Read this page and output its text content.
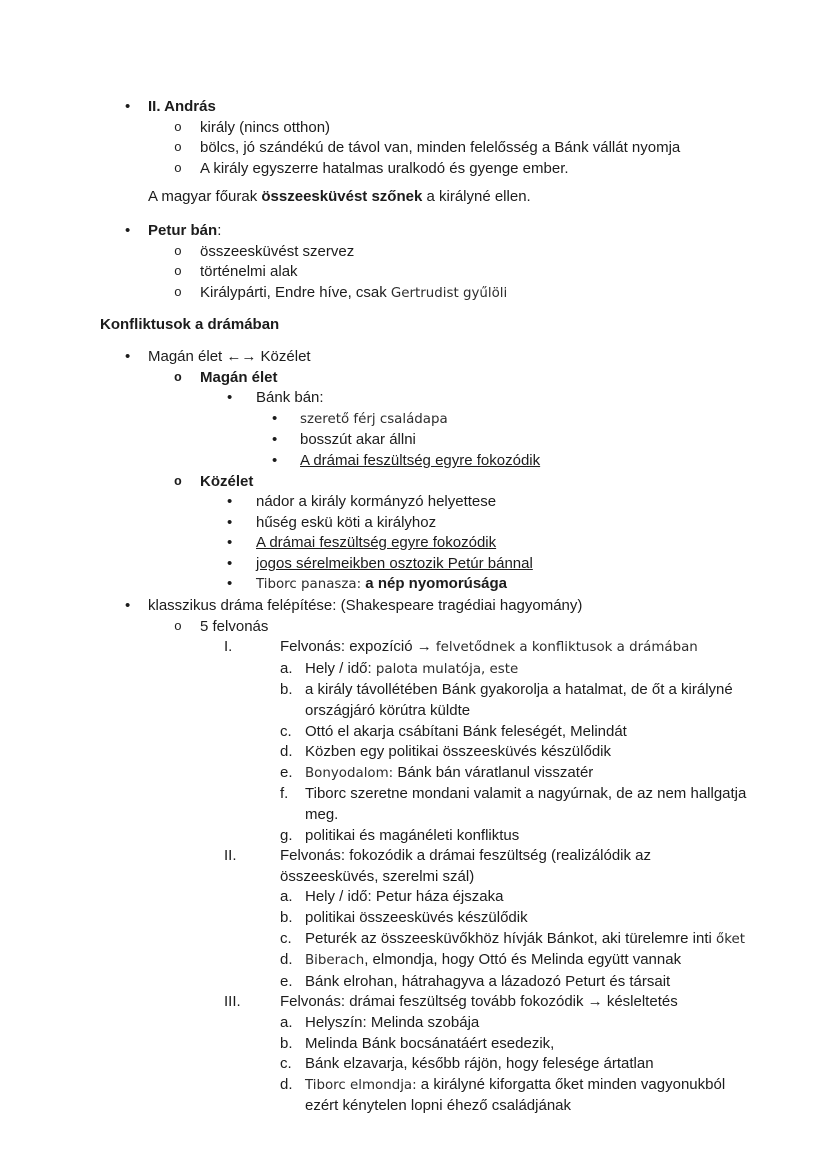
• II. András
o király (nincs otthon)
o bölcs, jó szándékú de távol van, minden felelősség a Bánk vállát nyomja
o A király egyszerre hatalmas uralkodó és gyenge ember.
A magyar főurak összeesküvést szőnek a királyné ellen.
• Petur bán:
o összeesküvést szervez
o történelmi alak
o Királypárti, Endre híve, csak Gertrudist gyűlöli
Konfliktusok a drámában
• Magán élet ←→ Közélet
o Magán élet
• Bánk bán:
• szerető férj családapa
• bosszút akar állni
• A drámai feszültség egyre fokozódik
o Közélet
• nádor a király kormányzó helyettese
• hűség eskü köti a királyhoz
• A drámai feszültség egyre fokozódik
• jogos sérelmeikben osztozik Petúr bánnal
• Tiborc panasza: a nép nyomorúsága
• klasszikus dráma felépítése: (Shakespeare tragédiai hagyomány)
o 5 felvonás
I.	Felvonás: expozíció → felvetődnek a konfliktusok a drámában
a. Hely / idő: palota mulatója, este
b. a király távollétében Bánk gyakorolja a hatalmat, de őt a királyné országjáró körútra küldte
c. Ottó el akarja csábítani Bánk feleségét, Melindát
d. Közben egy politikai összeesküvés készülődik
e. Bonyodalom: Bánk bán váratlanul visszatér
f. Tiborc szeretne mondani valamit a nagyúrnak, de az nem hallgatja meg.
g. politikai és magánéleti konfliktus
II.	Felvonás: fokozódik a drámai feszültség (realizálódik az összeesküvés, szerelmi szál)
a. Hely / idő: Petur háza éjszaka
b. politikai összeesküvés készülődik
c. Peturék az összeesküvőkhöz hívják Bánkot, aki türelemre inti őket
d. Biberach, elmondja, hogy Ottó és Melinda együtt vannak
e. Bánk elrohan, hátrahagyva a lázadozó Peturt és társait
III.	Felvonás: drámai feszültség tovább fokozódik → késleltetés
a. Helyszín: Melinda szobája
b. Melinda Bánk bocsánatáért esedezik,
c. Bánk elzavarja, később rájön, hogy felesége ártatlan
d. Tiborc elmondja: a királyné kiforgatta őket minden vagyonukból ezért kénytelen lopni éhező családjának
